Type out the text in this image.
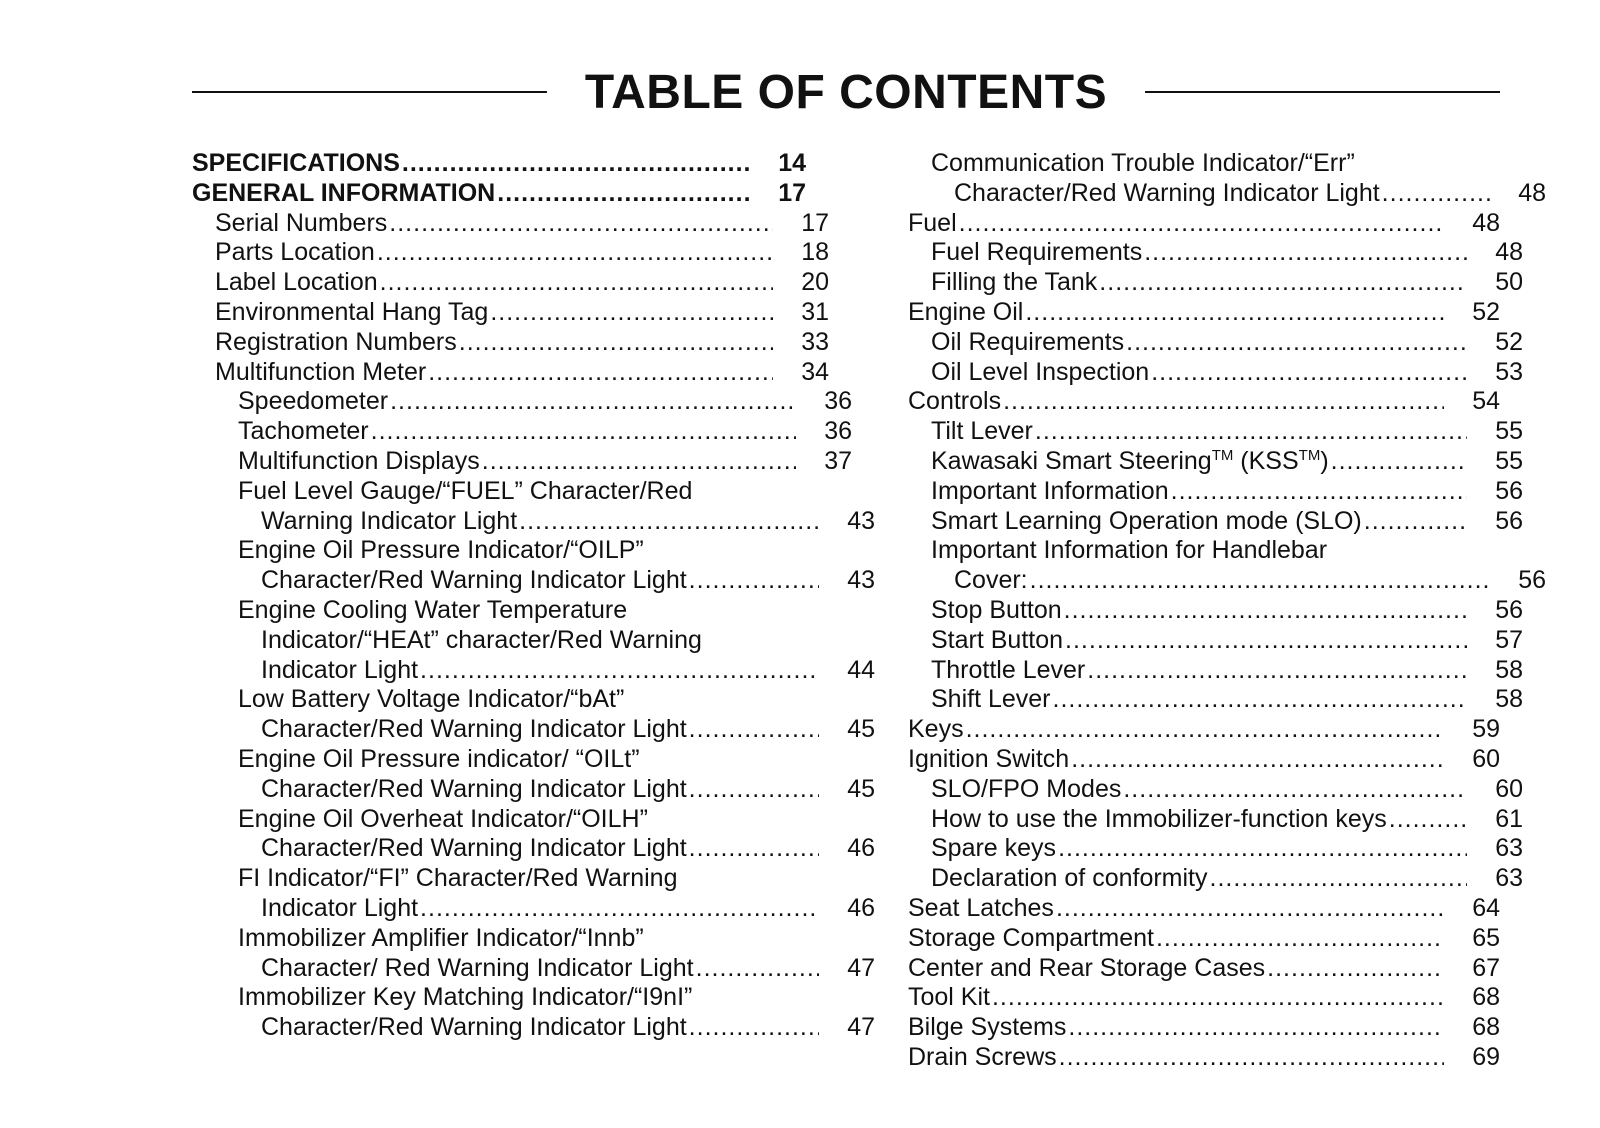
TABLE OF CONTENTS
SPECIFICATIONS .....	14
GENERAL INFORMATION .....	17
Serial Numbers .....	17
Parts Location .....	18
Label Location .....	20
Environmental Hang Tag .....	31
Registration Numbers .....	33
Multifunction Meter .....	34
Speedometer .....	36
Tachometer .....	36
Multifunction Displays .....	37
Fuel Level Gauge/“FUEL” Character/Red
Warning Indicator Light .....	43
Engine Oil Pressure Indicator/“OILP”
Character/Red Warning Indicator Light .....	43
Engine Cooling Water Temperature
Indicator/“HEAt” character/Red Warning
Indicator Light .....	44
Low Battery Voltage Indicator/“bAt”
Character/Red Warning Indicator Light .....	45
Engine Oil Pressure indicator/ “OILt”
Character/Red Warning Indicator Light .....	45
Engine Oil Overheat Indicator/“OILH”
Character/Red Warning Indicator Light .....	46
FI Indicator/“FI” Character/Red Warning
Indicator Light .....	46
Immobilizer Amplifier Indicator/“Innb”
Character/ Red Warning Indicator Light .....	47
Immobilizer Key Matching Indicator/“I9nI”
Character/Red Warning Indicator Light .....	47
Communication Trouble Indicator/“Err”
Character/Red Warning Indicator Light .....	48
Fuel .....	48
Fuel Requirements .....	48
Filling the Tank .....	50
Engine Oil .....	52
Oil Requirements .....	52
Oil Level Inspection .....	53
Controls .....	54
Tilt Lever .....	55
Kawasaki Smart Steering™ (KSS™) .....	55
Important Information .....	56
Smart Learning Operation mode (SLO) .....	56
Important Information for Handlebar
Cover: .....	56
Stop Button .....	56
Start Button .....	57
Throttle Lever .....	58
Shift Lever .....	58
Keys .....	59
Ignition Switch .....	60
SLO/FPO Modes .....	60
How to use the Immobilizer-function keys .....	61
Spare keys .....	63
Declaration of conformity .....	63
Seat Latches .....	64
Storage Compartment .....	65
Center and Rear Storage Cases .....	67
Tool Kit .....	68
Bilge Systems .....	68
Drain Screws .....	69
